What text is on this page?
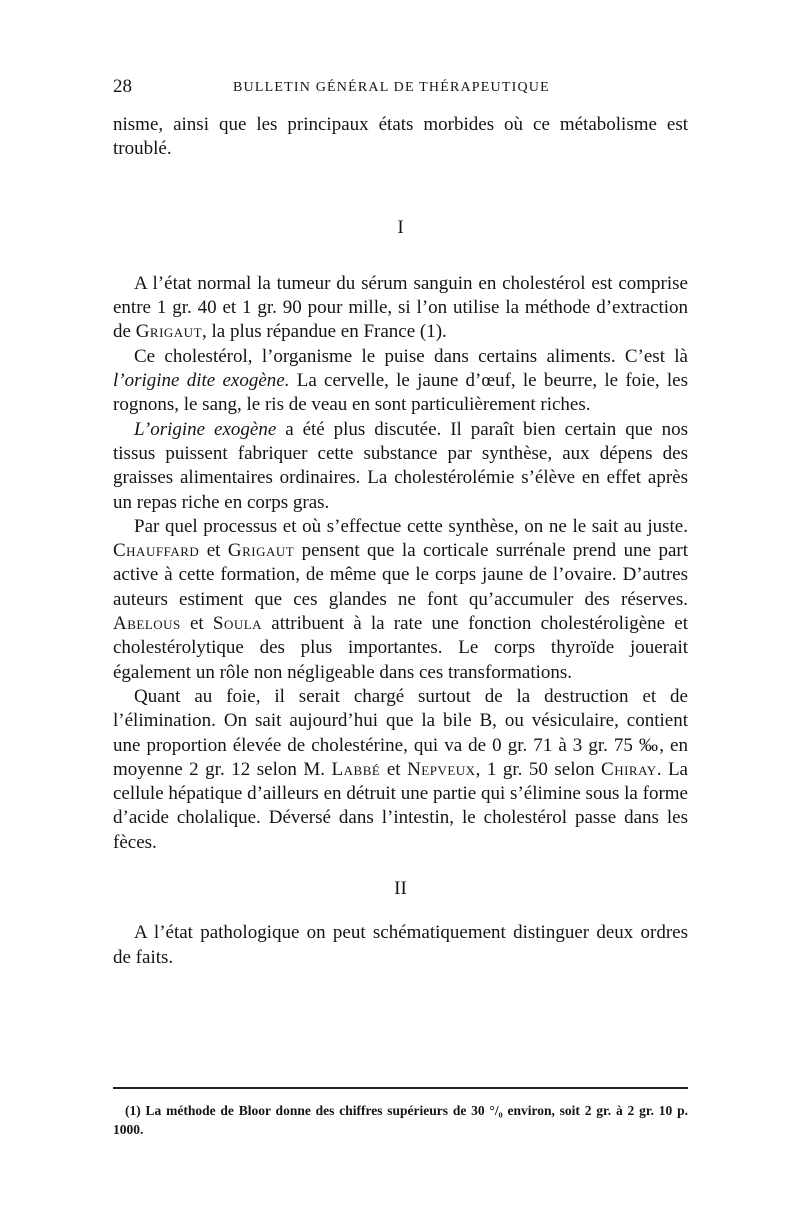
28	BULLETIN GÉNÉRAL DE THÉRAPEUTIQUE

nisme, ainsi que les principaux états morbides où ce métabolisme est troublé.

I

A l’état normal la tumeur du sérum sanguin en cholestérol est comprise entre 1 gr. 40 et 1 gr. 90 pour mille, si l’on utilise la méthode d’extraction de Grigaut, la plus répandue en France (1).

Ce cholestérol, l’organisme le puise dans certains aliments. C’est là l’origine dite exogène. La cervelle, le jaune d’œuf, le beurre, le foie, les rognons, le sang, le ris de veau en sont particulièrement riches.

L’origine exogène a été plus discutée. Il paraît bien certain que nos tissus puissent fabriquer cette substance par synthèse, aux dépens des graisses alimentaires ordinaires. La cholestérolémie s’élève en effet après un repas riche en corps gras.

Par quel processus et où s’effectue cette synthèse, on ne le sait au juste. Chauffard et Grigaut pensent que la corticale surrénale prend une part active à cette formation, de même que le corps jaune de l’ovaire. D’autres auteurs estiment que ces glandes ne font qu’accumuler des réserves. Abelous et Soula attribuent à la rate une fonction cholestéroligène et cholestérolytique des plus importantes. Le corps thyroïde jouerait également un rôle non négligeable dans ces transformations.

Quant au foie, il serait chargé surtout de la destruction et de l’élimination. On sait aujourd’hui que la bile B, ou vésiculaire, contient une proportion élevée de cholestérine, qui va de 0 gr. 71 à 3 gr. 75 ‰, en moyenne 2 gr. 12 selon M. Labbé et Nepveux, 1 gr. 50 selon Chiray. La cellule hépatique d’ailleurs en détruit une partie qui s’élimine sous la forme d’acide cholalique. Déversé dans l’intestin, le cholestérol passe dans les fèces.

II

A l’état pathologique on peut schématiquement distinguer deux ordres de faits.

(1) La méthode de Bloor donne des chiffres supérieurs de 30 °/₀ environ, soit 2 gr. à 2 gr. 10 p. 1000.
